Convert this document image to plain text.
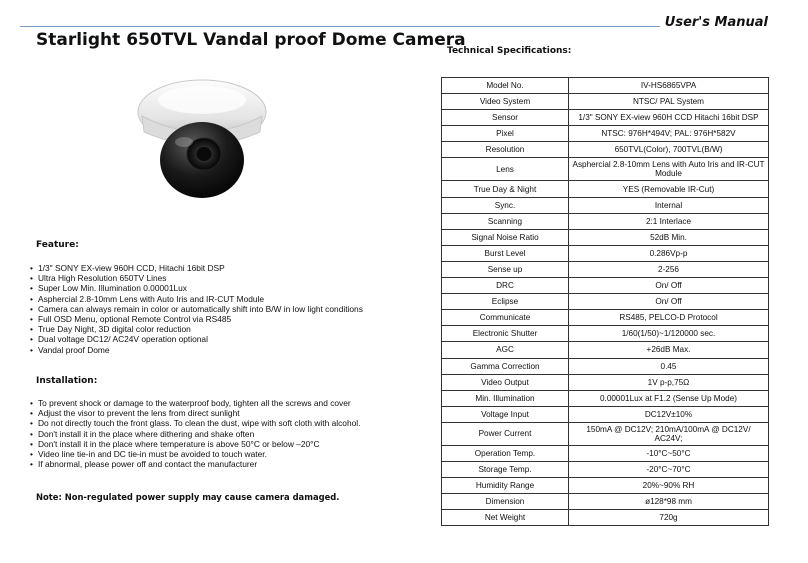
User's Manual
Starlight 650TVL Vandal proof Dome Camera
Technical Specifications:
Feature:
• 1/3" SONY EX-view 960H CCD, Hitachi 16bit DSP
• Ultra High Resolution 650TV Lines
• Super Low Min. Illumination 0.00001Lux
• Asphercial 2.8-10mm Lens with Auto Iris and IR-CUT Module
• Camera can always remain in color or automatically shift into B/W in low light conditions
• Full OSD Menu, optional Remote Control via RS485
• True Day Night, 3D digital color reduction
• Dual voltage DC12/ AC24V operation optional
• Vandal proof Dome
Installation:
• To prevent shock or damage to the waterproof body, tighten all the screws and cover
• Adjust the visor to prevent the lens from direct sunlight
• Do not directly touch the front glass. To clean the dust, wipe with soft cloth with alcohol.
• Don't install it in the place where dithering and shake often
• Don't install it in the place where temperature is above 50°C or below –20°C
• Video line tie-in and DC tie-in must be avoided to touch water.
• If abnormal, please power off and contact the manufacturer
Note: Non-regulated power supply may cause camera damaged.
Model No.	IV-HS6865VPA
Video System	NTSC/ PAL System
Sensor	1/3" SONY EX-view 960H CCD Hitachi 16bit DSP
Pixel	NTSC: 976H*494V; PAL: 976H*582V
Resolution	650TVL(Color), 700TVL(B/W)
Lens	Asphercial 2.8-10mm Lens with Auto Iris and IR-CUT Module
True Day & Night	YES (Removable IR-Cut)
Sync.	Internal
Scanning	2:1 Interlace
Signal Noise Ratio	52dB Min.
Burst Level	0.286Vp-p
Sense up	2-256
DRC	On/ Off
Eclipse	On/ Off
Communicate	RS485, PELCO-D Protocol
Electronic Shutter	1/60(1/50)~1/120000 sec.
AGC	+26dB Max.
Gamma Correction	0.45
Video Output	1V p-p,75Ω
Min. Illumination	0.00001Lux at F1.2 (Sense Up Mode)
Voltage Input	DC12V±10%
Power Current	150mA @ DC12V; 210mA/100mA @ DC12V/ AC24V;
Operation Temp.	-10°C~50°C
Storage Temp.	-20°C~70°C
Humidity Range	20%~90% RH
Dimension	ø128*98 mm
Net Weight	720g
